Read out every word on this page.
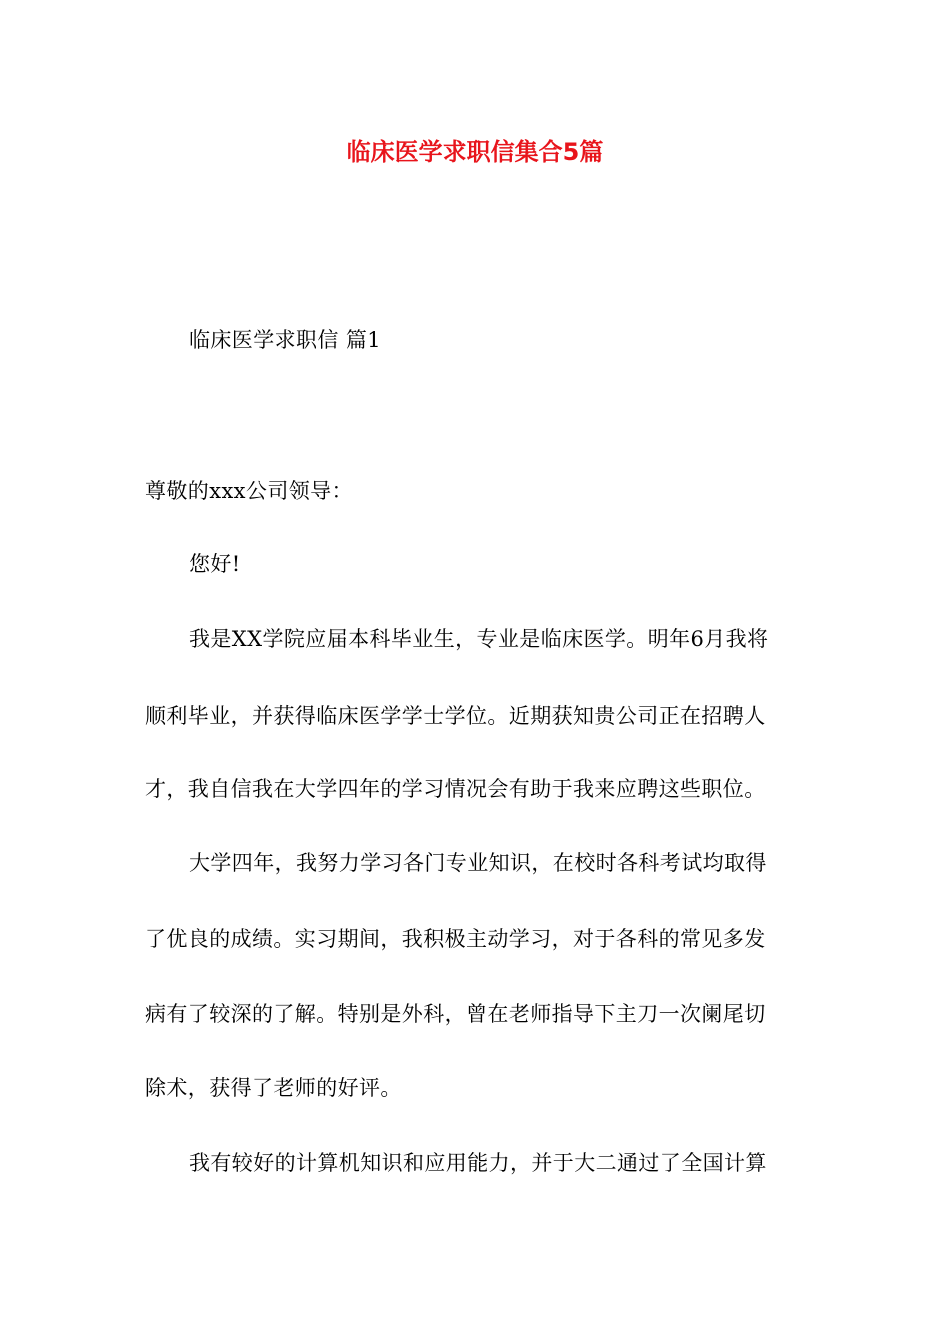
临床医学求职信集合5篇
临床医学求职信 篇1
尊敬的xxx公司领导：
您好!
我是XX学院应届本科毕业生，专业是临床医学。明年6月我将
顺利毕业，并获得临床医学学士学位。近期获知贵公司正在招聘人
才，我自信我在大学四年的学习情况会有助于我来应聘这些职位。
大学四年，我努力学习各门专业知识，在校时各科考试均取得
了优良的成绩。实习期间，我积极主动学习，对于各科的常见多发
病有了较深的了解。特别是外科，曾在老师指导下主刀一次阑尾切
除术，获得了老师的好评。
我有较好的计算机知识和应用能力，并于大二通过了全国计算
